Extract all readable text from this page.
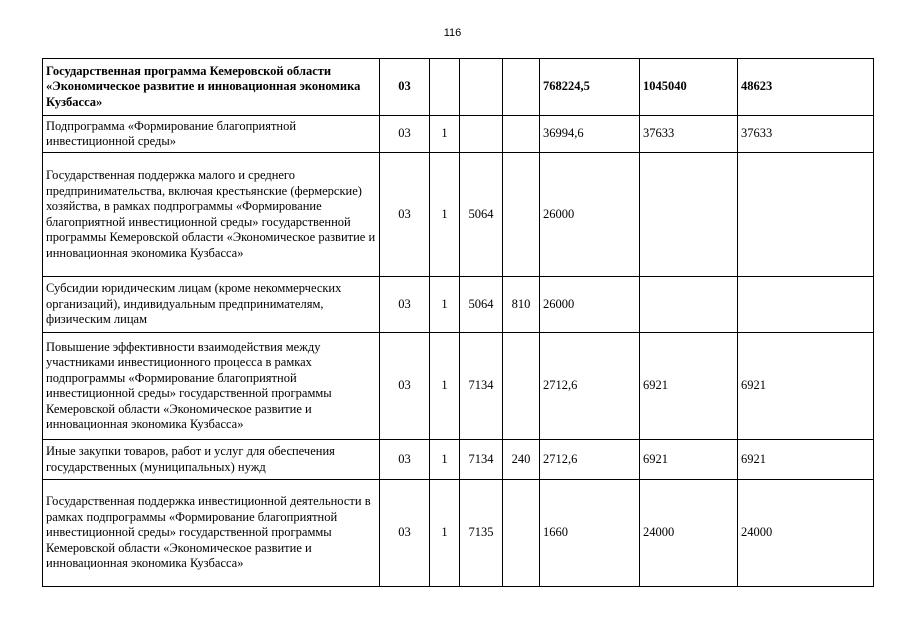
116
Государственная программа Кемеровской области «Экономическое развитие и инновационная экономика Кузбасса»	03				768224,5	1045040	48623
Подпрограмма «Формирование благоприятной инвестиционной среды»	03	1			36994,6	37633	37633
Государственная поддержка малого и среднего предпринимательства, включая крестьянские (фермерские) хозяйства, в рамках подпрограммы «Формирование благоприятной инвестиционной среды» государственной программы Кемеровской области «Экономическое развитие и инновационная экономика Кузбасса»	03	1	5064		26000		
Субсидии юридическим лицам (кроме некоммерческих организаций), индивидуальным предпринимателям, физическим лицам	03	1	5064	810	26000		
Повышение эффективности взаимодействия между участниками инвестиционного процесса в рамках подпрограммы «Формирование благоприятной инвестиционной среды» государственной программы Кемеровской области «Экономическое развитие и инновационная экономика Кузбасса»	03	1	7134		2712,6	6921	6921
Иные закупки товаров, работ и услуг для обеспечения государственных (муниципальных) нужд	03	1	7134	240	2712,6	6921	6921
Государственная поддержка инвестиционной деятельности в рамках подпрограммы «Формирование благоприятной инвестиционной среды» государственной программы Кемеровской области «Экономическое развитие и инновационная экономика Кузбасса»	03	1	7135		1660	24000	24000
